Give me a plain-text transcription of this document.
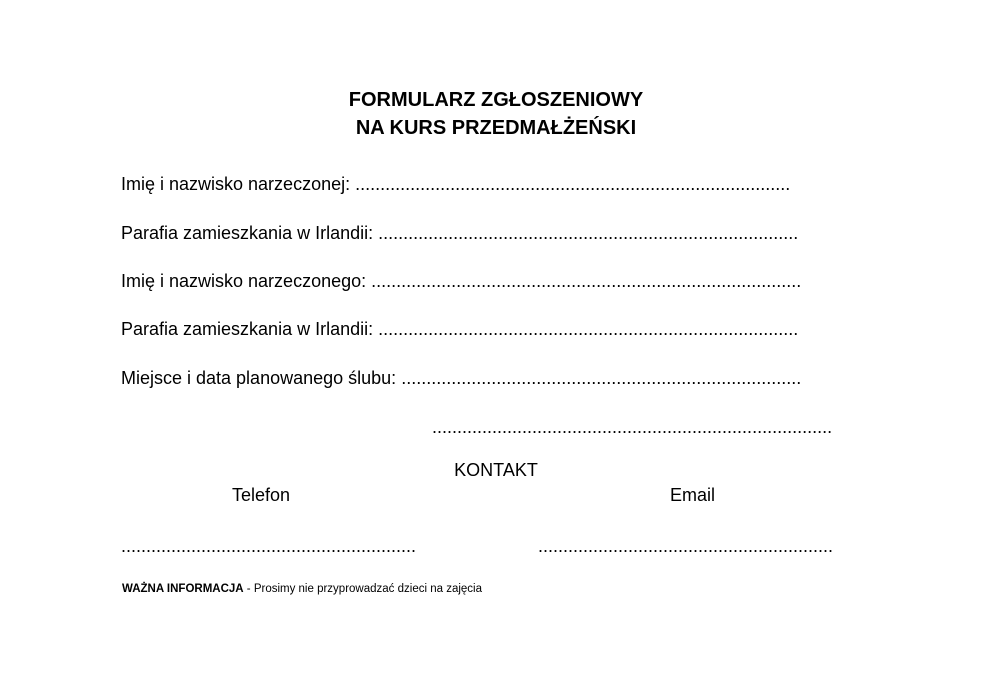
FORMULARZ ZGŁOSZENIOWY
NA KURS PRZEDMAŁŻEŃSKI
Imię i nazwisko narzeczonej: .......................................................................................
Parafia zamieszkania w Irlandii: ....................................................................................
Imię i nazwisko narzeczonego: ......................................................................................
Parafia zamieszkania w Irlandii: ....................................................................................
Miejsce i data planowanego ślubu: ................................................................................
................................................................................
KONTAKT
Telefon	Email
...........................................................	...........................................................
WAŻNA INFORMACJA - Prosimy nie przyprowadzać dzieci na zajęcia
